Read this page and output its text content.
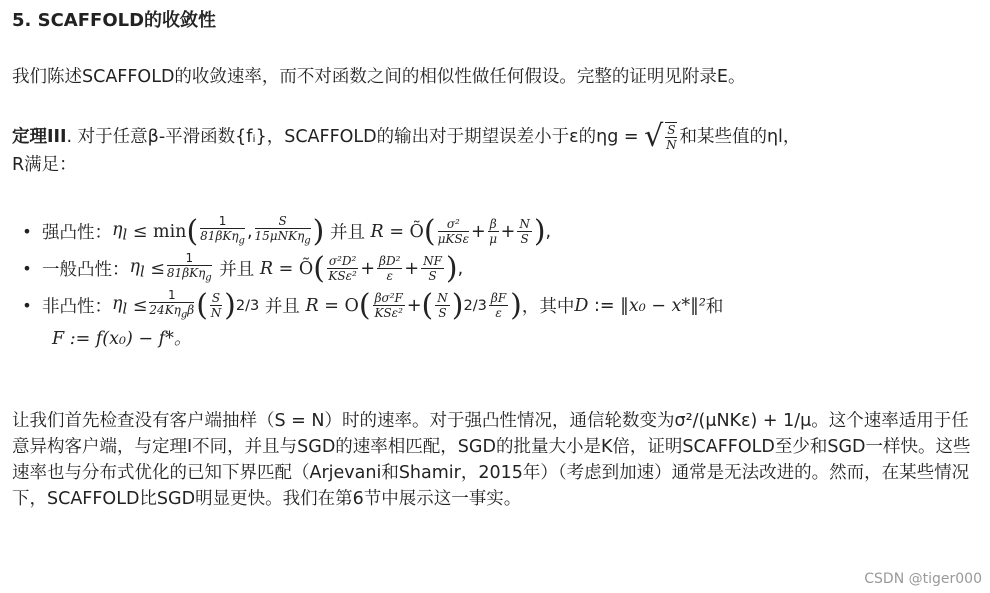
5. SCAFFOLD的收敛性
我们陈述SCAFFOLD的收敛速率，而不对函数之间的相似性做任何假设。完整的证明见附录E。
定理III. 对于任意β-平滑函数{fᵢ}，SCAFFOLD的输出对于期望误差小于ε的ηg = √ $\frac{S}{N}$ 和某些值的ηl，
R满足：
• 强凸性： $\eta_l$
≤ min ( $\frac{1}{81\beta K\eta_g}$ , $\frac{S}{15\mu NK\eta_g}$ )
并且
R
= Õ ( $\frac{\text{σ²}}{\text{μKSε}} + \frac{\beta}{\mu} + \frac{N}{S}$ ) ,
• 一般凸性： $\eta_l$
≤ $\frac{1}{81\beta K\eta_g}$
并且
R
= Õ ( $\frac{\text{σ²D²}}{\text{KSε²}} + \frac{\text{βD²}}{\varepsilon} + \frac{NF}{S}$ ) ,
• 非凸性： $\eta_l$
≤ $\frac{1}{24K\eta_g\beta}$ ( $\frac{S}{N}$ ) 2/3
并且
R
= O ( $\frac{\text{βσ²F}}{\text{KSε²}}$ + ( $\frac{N}{S}$ ) $2/3 \frac{\beta F}{\varepsilon}$ ) ，其中 D := ‖x₀ − x*‖² 和
F := f(x₀) − f*。
让我们首先检查没有客户端抽样（S = N）时的速率。对于强凸性情况，通信轮数变为σ²/(μNKε) + 1/μ。这个速率适用于任意异构客户端，与定理I不同，并且与SGD的速率相匹配，SGD的批量大小是K倍，证明SCAFFOLD至少和SGD一样快。这些速率也与分布式优化的已知下界匹配（Arjevani和Shamir，2015年）（考虑到加速）通常是无法改进的。然而，在某些情况下，SCAFFOLD比SGD明显更快。我们在第6节中展示这一事实。
CSDN @tiger000
